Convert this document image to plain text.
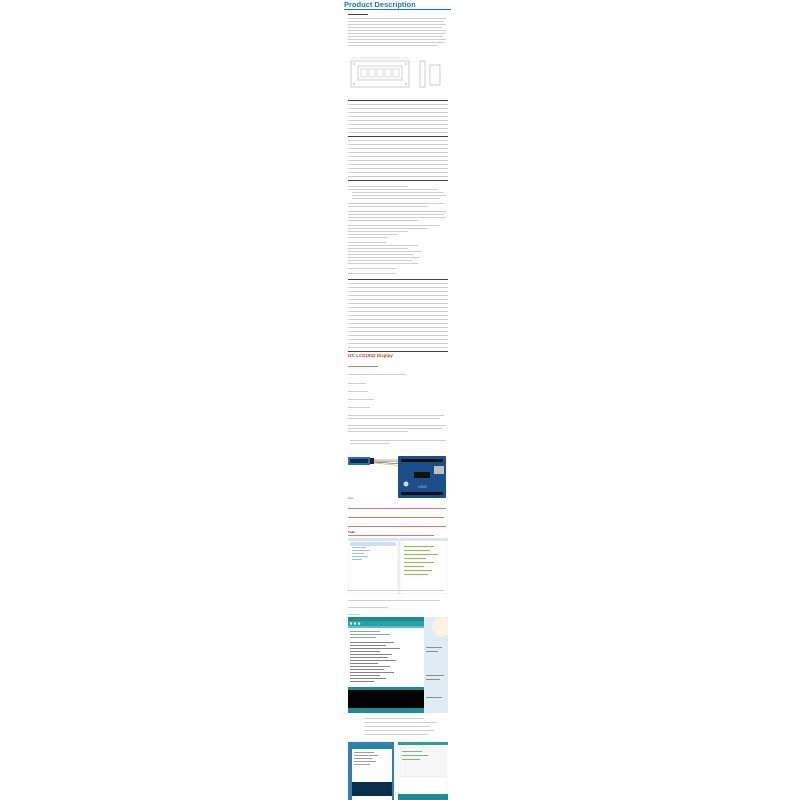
Product Description
I2C LCD1602 Display
UNO
Note
Code:
